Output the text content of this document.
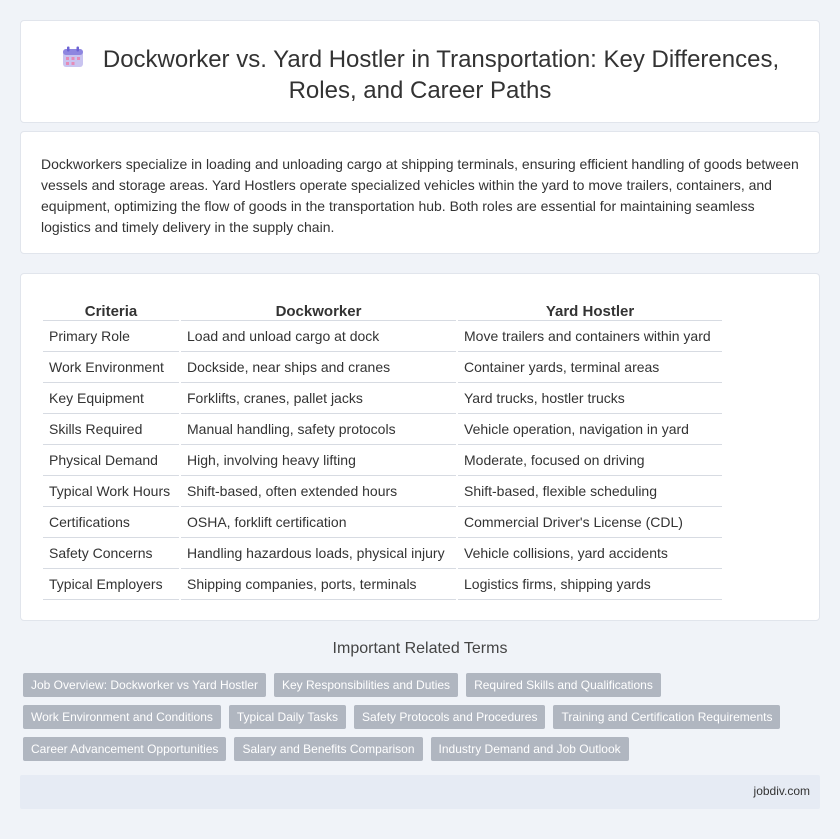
Dockworker vs. Yard Hostler in Transportation: Key Differences,
Roles, and Career Paths

Dockworkers specialize in loading and unloading cargo at shipping terminals, ensuring efficient handling of goods between vessels and storage areas. Yard Hostlers operate specialized vehicles within the yard to move trailers, containers, and equipment, optimizing the flow of goods in the transportation hub. Both roles are essential for maintaining seamless logistics and timely delivery in the supply chain.

Criteria	Dockworker	Yard Hostler
Primary Role	Load and unload cargo at dock	Move trailers and containers within yard
Work Environment	Dockside, near ships and cranes	Container yards, terminal areas
Key Equipment	Forklifts, cranes, pallet jacks	Yard trucks, hostler trucks
Skills Required	Manual handling, safety protocols	Vehicle operation, navigation in yard
Physical Demand	High, involving heavy lifting	Moderate, focused on driving
Typical Work Hours	Shift-based, often extended hours	Shift-based, flexible scheduling
Certifications	OSHA, forklift certification	Commercial Driver's License (CDL)
Safety Concerns	Handling hazardous loads, physical injury	Vehicle collisions, yard accidents
Typical Employers	Shipping companies, ports, terminals	Logistics firms, shipping yards
Important Related Terms
Job Overview: Dockworker vs Yard Hostler	Key Responsibilities and Duties	Required Skills and Qualifications
Work Environment and Conditions	Typical Daily Tasks	Safety Protocols and Procedures	Training and Certification Requirements
Career Advancement Opportunities	Salary and Benefits Comparison	Industry Demand and Job Outlook
jobdiv.com
